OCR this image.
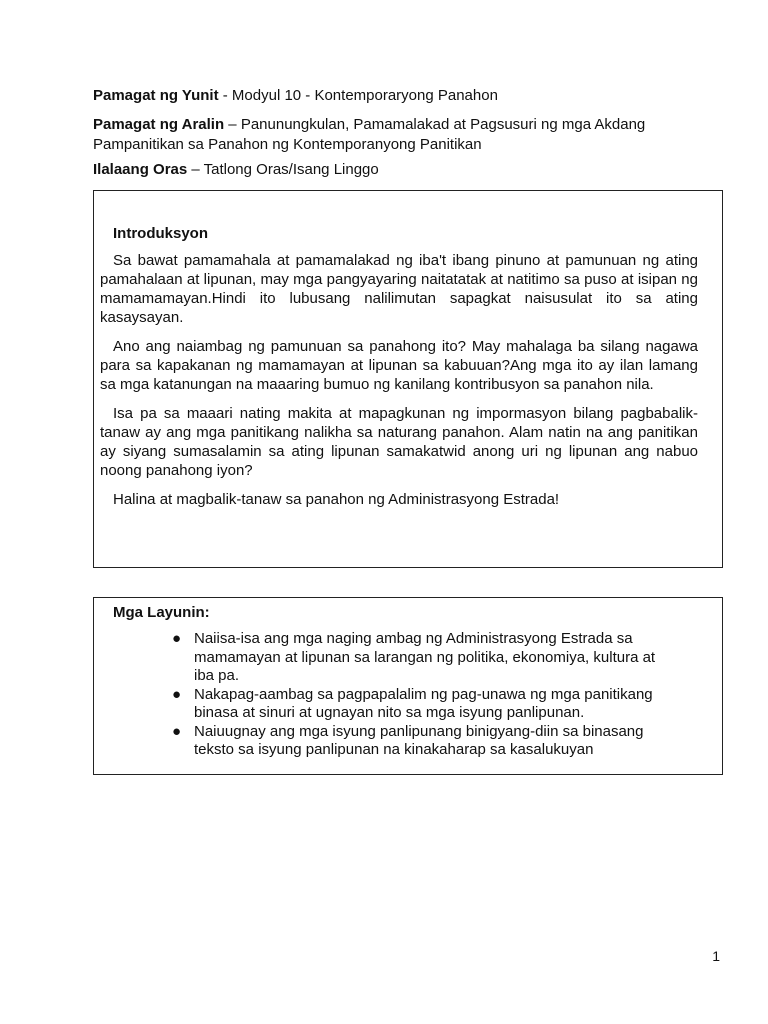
Pamagat ng Yunit - Modyul 10 - Kontemporaryong Panahon
Pamagat ng Aralin – Panunungkulan, Pamamalakad at Pagsusuri ng mga Akdang Pampanitikan sa Panahon ng Kontemporanyong Panitikan
Ilalaang Oras – Tatlong Oras/Isang Linggo
Introduksyon

Sa bawat pamamahala at pamamalakad ng iba't ibang pinuno at pamunuan ng ating pamahalaan at lipunan, may mga pangyayaring naitatatak at natitimo sa puso at isipan ng mamamamayan.Hindi ito lubusang nalilimutan sapagkat naisusulat ito sa ating kasaysayan.

Ano ang naiambag ng pamunuan sa panahong ito? May mahalaga ba silang nagawa para sa kapakanan ng mamamayan at lipunan sa kabuuan?Ang mga ito ay ilan lamang sa mga katanungan na maaaring bumuo ng kanilang kontribusyon sa panahon nila.

Isa pa sa maaari nating makita at mapagkunan ng impormasyon bilang pagbabalik-tanaw ay ang mga panitikang nalikha sa naturang panahon. Alam natin na ang panitikan ay siyang sumasalamin sa ating lipunan samakatwid anong uri ng lipunan ang nabuo noong panahong iyon?

Halina at magbalik-tanaw sa panahon ng Administrasyong Estrada!

Mga Layunin:
● Naiisa-isa ang mga naging ambag ng Administrasyong Estrada sa mamamayan at lipunan sa larangan ng politika, ekonomiya, kultura at iba pa.
● Nakapag-aambag sa pagpapalalim ng pag-unawa ng mga panitikang binasa at sinuri at ugnayan nito sa mga isyung panlipunan.
● Naiuugnay ang mga isyung panlipunang binigyang-diin sa binasang teksto sa isyung panlipunan na kinakaharap sa kasalukuyan
1
